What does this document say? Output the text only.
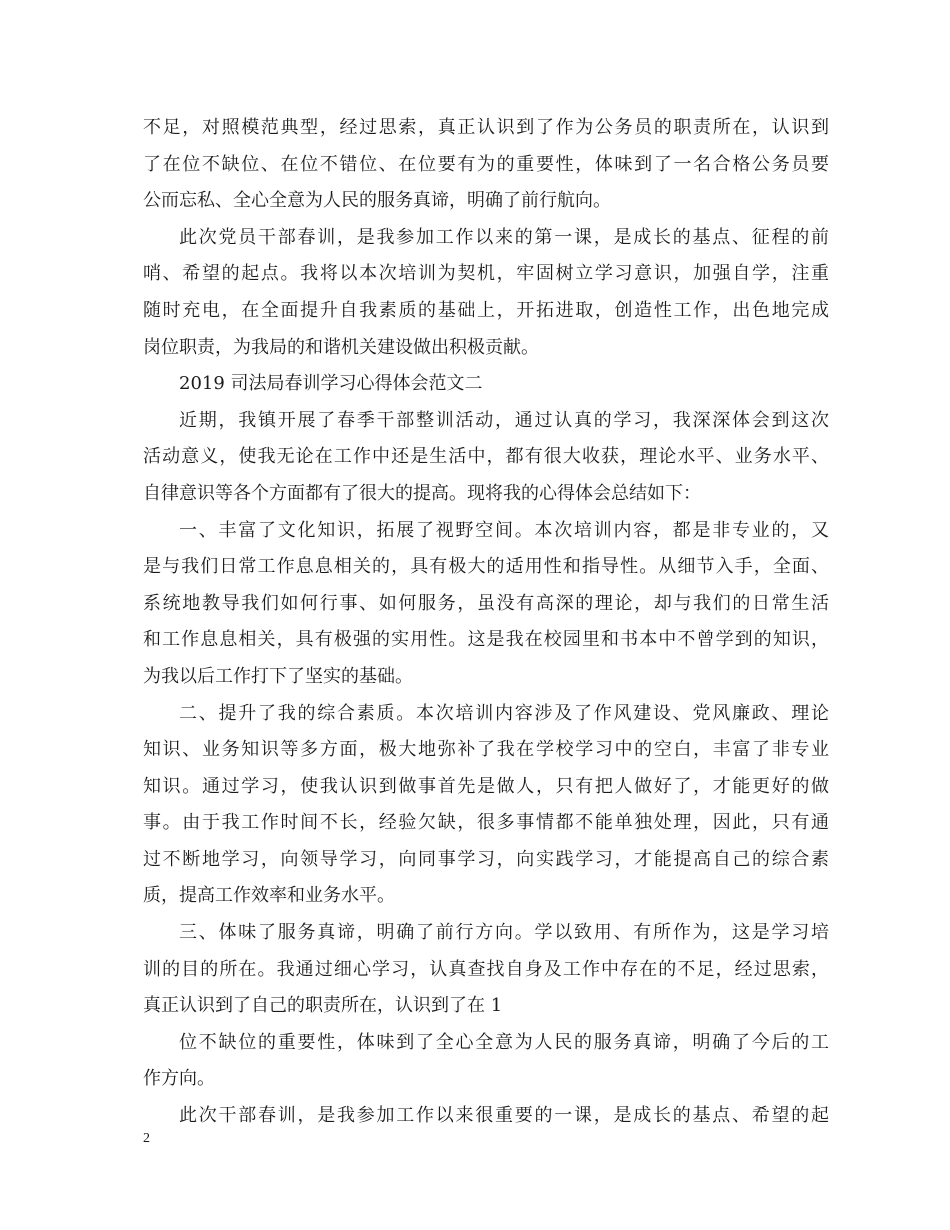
不足，对照模范典型，经过思索，真正认识到了作为公务员的职责所在，认识到
了在位不缺位、在位不错位、在位要有为的重要性，体味到了一名合格公务员要
公而忘私、全心全意为人民的服务真谛，明确了前行航向。
此次党员干部春训，是我参加工作以来的第一课，是成长的基点、征程的前
哨、希望的起点。我将以本次培训为契机，牢固树立学习意识，加强自学，注重
随时充电，在全面提升自我素质的基础上，开拓进取，创造性工作，出色地完成
岗位职责，为我局的和谐机关建设做出积极贡献。
2019 司法局春训学习心得体会范文二
近期，我镇开展了春季干部整训活动，通过认真的学习，我深深体会到这次
活动意义，使我无论在工作中还是生活中，都有很大收获，理论水平、业务水平、
自律意识等各个方面都有了很大的提高。现将我的心得体会总结如下：
一、丰富了文化知识，拓展了视野空间。本次培训内容，都是非专业的，又
是与我们日常工作息息相关的，具有极大的适用性和指导性。从细节入手，全面、
系统地教导我们如何行事、如何服务，虽没有高深的理论，却与我们的日常生活
和工作息息相关，具有极强的实用性。这是我在校园里和书本中不曾学到的知识，
为我以后工作打下了坚实的基础。
二、提升了我的综合素质。本次培训内容涉及了作风建设、党风廉政、理论
知识、业务知识等多方面，极大地弥补了我在学校学习中的空白，丰富了非专业
知识。通过学习，使我认识到做事首先是做人，只有把人做好了，才能更好的做
事。由于我工作时间不长，经验欠缺，很多事情都不能单独处理，因此，只有通
过不断地学习，向领导学习，向同事学习，向实践学习，才能提高自己的综合素
质，提高工作效率和业务水平。
三、体味了服务真谛，明确了前行方向。学以致用、有所作为，这是学习培
训的目的所在。我通过细心学习，认真查找自身及工作中存在的不足，经过思索，
真正认识到了自己的职责所在，认识到了在 1
位不缺位的重要性，体味到了全心全意为人民的服务真谛，明确了今后的工
作方向。
此次干部春训，是我参加工作以来很重要的一课，是成长的基点、希望的起
2
